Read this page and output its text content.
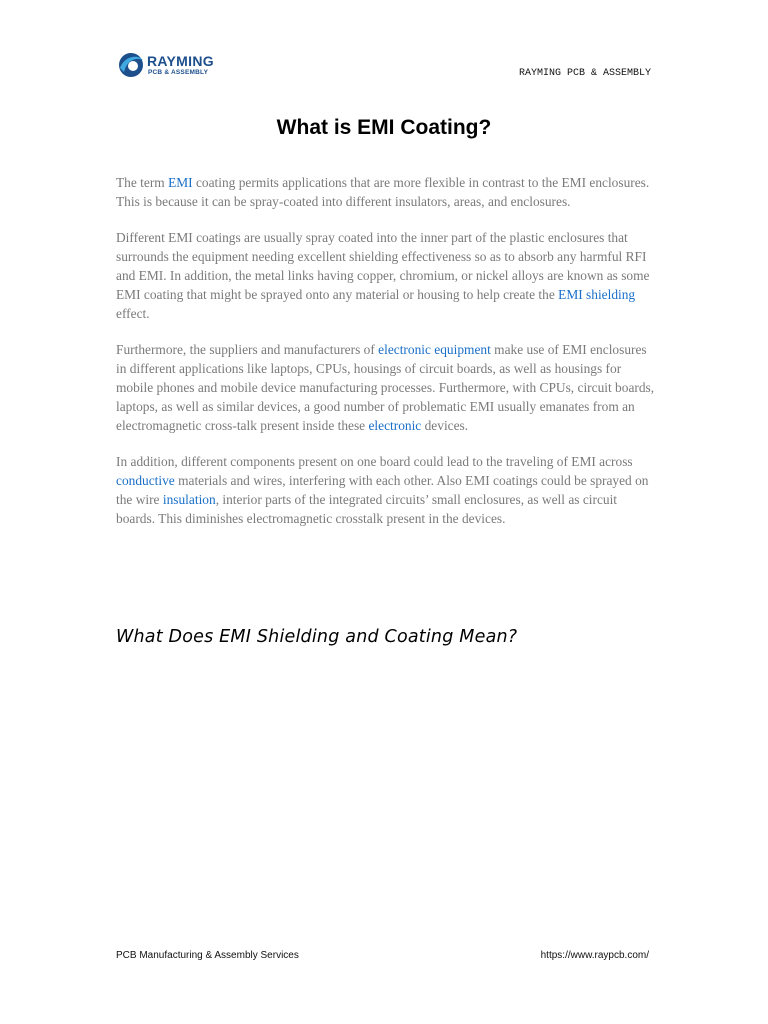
RAYMING
PCB & ASSEMBLY	RAYMING PCB & ASSEMBLY
What is EMI Coating?

The term EMI coating permits applications that are more flexible in contrast to the EMI enclosures. This is because it can be spray-coated into different insulators, areas, and enclosures.

Different EMI coatings are usually spray coated into the inner part of the plastic enclosures that surrounds the equipment needing excellent shielding effectiveness so as to absorb any harmful RFI and EMI. In addition, the metal links having copper, chromium, or nickel alloys are known as some EMI coating that might be sprayed onto any material or housing to help create the EMI shielding effect.

Furthermore, the suppliers and manufacturers of electronic equipment make use of EMI enclosures in different applications like laptops, CPUs, housings of circuit boards, as well as housings for mobile phones and mobile device manufacturing processes. Furthermore, with CPUs, circuit boards, laptops, as well as similar devices, a good number of problematic EMI usually emanates from an electromagnetic cross-talk present inside these electronic devices.

In addition, different components present on one board could lead to the traveling of EMI across conductive materials and wires, interfering with each other. Also EMI coatings could be sprayed on the wire insulation, interior parts of the integrated circuits’ small enclosures, as well as circuit boards. This diminishes electromagnetic crosstalk present in the devices.

What Does EMI Shielding and Coating Mean?
PCB Manufacturing & Assembly Services	https://www.raypcb.com/
